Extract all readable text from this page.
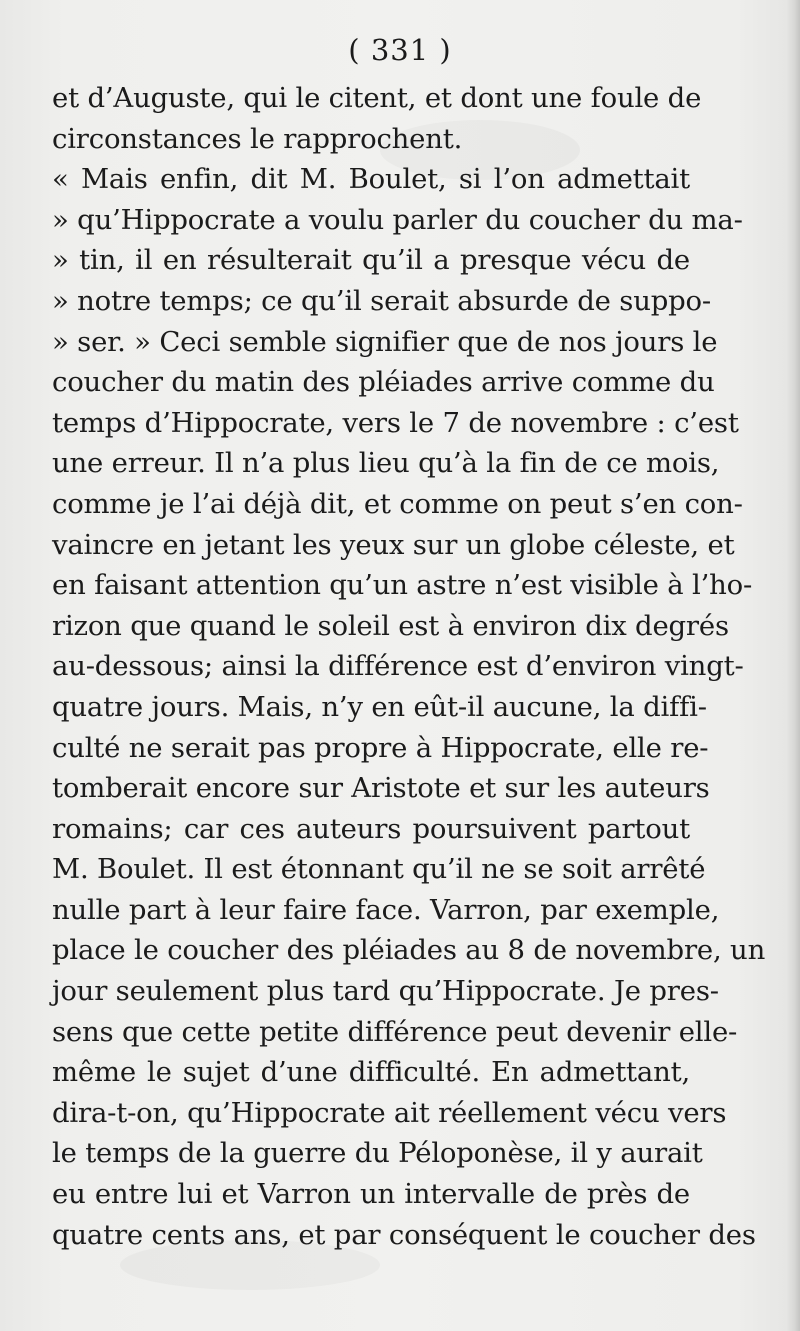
( 331 )
et d’Auguste, qui le citent, et dont une foule de
circonstances le rapprochent.
« Mais enfin, dit M. Boulet, si l’on admettait
» qu’Hippocrate a voulu parler du coucher du ma-
» tin, il en résulterait qu’il a presque vécu de
» notre temps; ce qu’il serait absurde de suppo-
» ser. » Ceci semble signifier que de nos jours le
coucher du matin des pléiades arrive comme du
temps d’Hippocrate, vers le 7 de novembre : c’est
une erreur. Il n’a plus lieu qu’à la fin de ce mois,
comme je l’ai déjà dit, et comme on peut s’en con-
vaincre en jetant les yeux sur un globe céleste, et
en faisant attention qu’un astre n’est visible à l’ho-
rizon que quand le soleil est à environ dix degrés
au-dessous; ainsi la différence est d’environ vingt-
quatre jours. Mais, n’y en eût-il aucune, la diffi-
culté ne serait pas propre à Hippocrate, elle re-
tomberait encore sur Aristote et sur les auteurs
romains; car ces auteurs poursuivent partout
M. Boulet. Il est étonnant qu’il ne se soit arrêté
nulle part à leur faire face. Varron, par exemple,
place le coucher des pléiades au 8 de novembre, un
jour seulement plus tard qu’Hippocrate. Je pres-
sens que cette petite différence peut devenir elle-
même le sujet d’une difficulté. En admettant,
dira-t-on, qu’Hippocrate ait réellement vécu vers
le temps de la guerre du Péloponèse, il y aurait
eu entre lui et Varron un intervalle de près de
quatre cents ans, et par conséquent le coucher des
